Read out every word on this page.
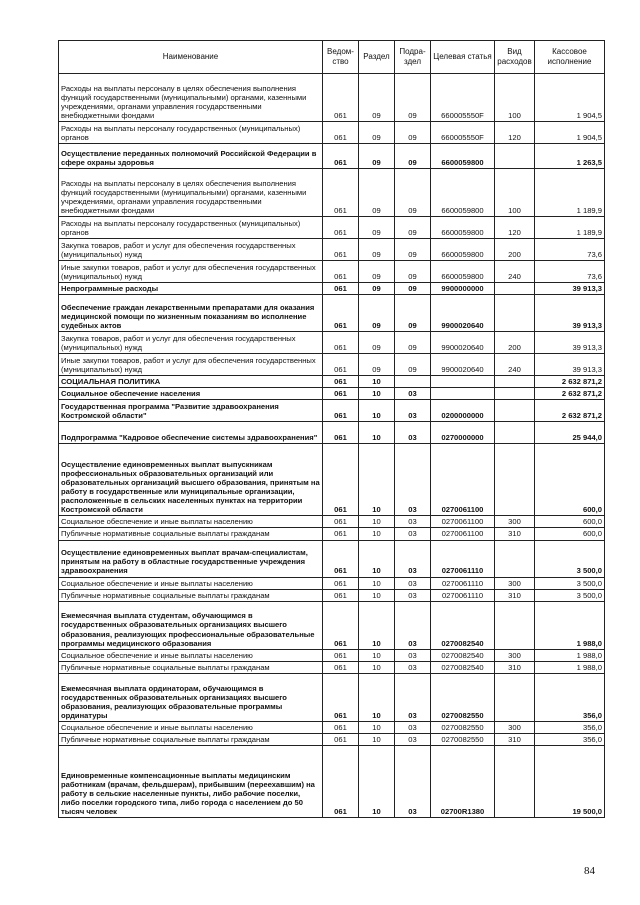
Наименование	Ведом-ство	Раздел	Подра-здел	Целевая статья	Вид расходов	Кассовое исполнение
Расходы на выплаты персоналу в целях обеспечения выполнения функций государственными (муниципальными) органами, казенными учреждениями, органами управления государственными внебюджетными фондами	061	09	09	660005550F	100	1 904,5
Расходы на выплаты персоналу государственных (муниципальных) органов	061	09	09	660005550F	120	1 904,5
Осуществление переданных полномочий Российской Федерации в сфере охраны здоровья	061	09	09	6600059800		1 263,5
Расходы на выплаты персоналу в целях обеспечения выполнения функций государственными (муниципальными) органами, казенными учреждениями, органами управления государственными внебюджетными фондами	061	09	09	6600059800	100	1 189,9
Расходы на выплаты персоналу государственных (муниципальных) органов	061	09	09	6600059800	120	1 189,9
Закупка товаров, работ и услуг для обеспечения государственных (муниципальных) нужд	061	09	09	6600059800	200	73,6
Иные закупки товаров, работ и услуг для обеспечения государственных (муниципальных) нужд	061	09	09	6600059800	240	73,6
Непрограммные расходы	061	09	09	9900000000		39 913,3
Обеспечение граждан лекарственными препаратами для оказания медицинской помощи по жизненным показаниям во исполнение судебных актов	061	09	09	9900020640		39 913,3
Закупка товаров, работ и услуг для обеспечения государственных (муниципальных) нужд	061	09	09	9900020640	200	39 913,3
Иные закупки товаров, работ и услуг для обеспечения государственных (муниципальных) нужд	061	09	09	9900020640	240	39 913,3
СОЦИАЛЬНАЯ ПОЛИТИКА	061	10				2 632 871,2
Социальное обеспечение населения	061	10	03			2 632 871,2
Государственная программа "Развитие здравоохранения Костромской области"	061	10	03	0200000000		2 632 871,2
Подпрограмма "Кадровое обеспечение системы здравоохранения"	061	10	03	0270000000		25 944,0
Осуществление единовременных выплат выпускникам профессиональных образовательных организаций или образовательных организаций высшего образования, принятым на работу в государственные или муниципальные организации, расположенные в сельских населенных пунктах на территории Костромской области	061	10	03	0270061100		600,0
Социальное обеспечение и иные выплаты населению	061	10	03	0270061100	300	600,0
Публичные нормативные социальные выплаты гражданам	061	10	03	0270061100	310	600,0
Осуществление единовременных выплат врачам-специалистам, принятым на работу в областные государственные учреждения здравоохранения	061	10	03	0270061110		3 500,0
Социальное обеспечение и иные выплаты населению	061	10	03	0270061110	300	3 500,0
Публичные нормативные социальные выплаты гражданам	061	10	03	0270061110	310	3 500,0
Ежемесячная выплата студентам, обучающимся в государственных образовательных организациях высшего образования, реализующих профессиональные образовательные программы медицинского образования	061	10	03	0270082540		1 988,0
Социальное обеспечение и иные выплаты населению	061	10	03	0270082540	300	1 988,0
Публичные нормативные социальные выплаты гражданам	061	10	03	0270082540	310	1 988,0
Ежемесячная выплата ординаторам, обучающимся в государственных образовательных организациях высшего образования, реализующих образовательные программы ординатуры	061	10	03	0270082550		356,0
Социальное обеспечение и иные выплаты населению	061	10	03	0270082550	300	356,0
Публичные нормативные социальные выплаты гражданам	061	10	03	0270082550	310	356,0
Единовременные компенсационные выплаты медицинским работникам (врачам, фельдшерам), прибывшим (переехавшим) на работу в сельские населенные пункты, либо рабочие поселки, либо поселки городского типа, либо города с населением до 50 тысяч человек	061	10	03	02700R1380		19 500,0
84
